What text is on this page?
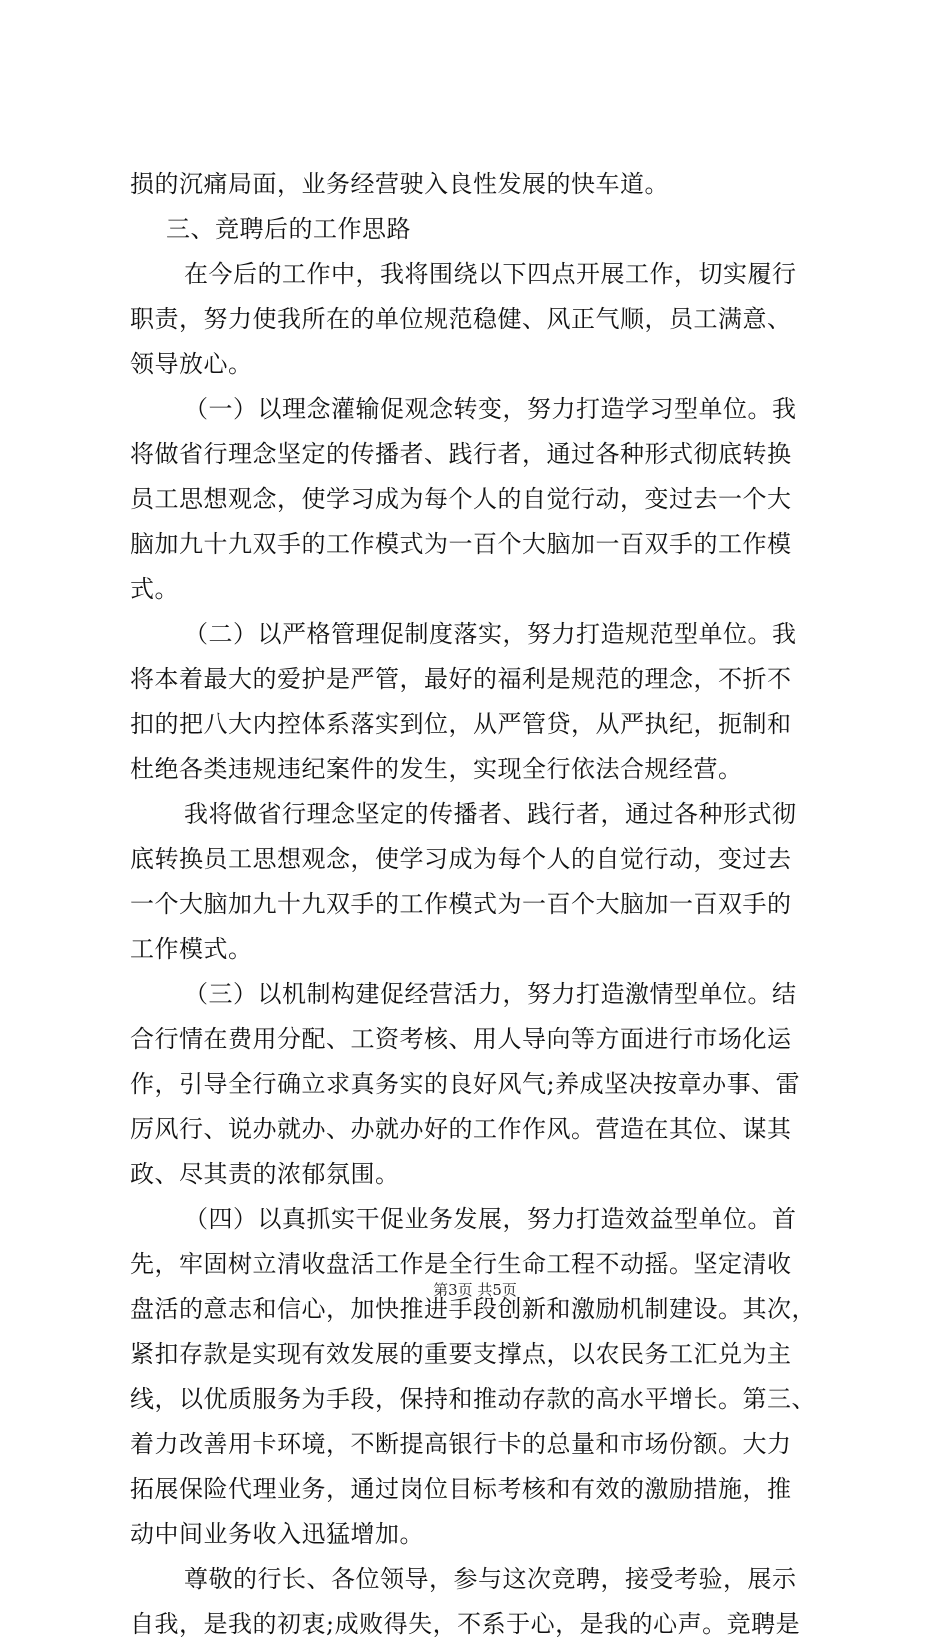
损的沉痛局面，业务经营驶入良性发展的快车道。
三、竞聘后的工作思路
在今后的工作中，我将围绕以下四点开展工作，切实履行
职责，努力使我所在的单位规范稳健、风正气顺，员工满意、
领导放心。
（一）以理念灌输促观念转变，努力打造学习型单位。我
将做省行理念坚定的传播者、践行者，通过各种形式彻底转换
员工思想观念，使学习成为每个人的自觉行动，变过去一个大
脑加九十九双手的工作模式为一百个大脑加一百双手的工作模
式。
（二）以严格管理促制度落实，努力打造规范型单位。我
将本着最大的爱护是严管，最好的福利是规范的理念，不折不
扣的把八大内控体系落实到位，从严管贷，从严执纪，扼制和
杜绝各类违规违纪案件的发生，实现全行依法合规经营。
我将做省行理念坚定的传播者、践行者，通过各种形式彻
底转换员工思想观念，使学习成为每个人的自觉行动，变过去
一个大脑加九十九双手的工作模式为一百个大脑加一百双手的
工作模式。
（三）以机制构建促经营活力，努力打造激情型单位。结
合行情在费用分配、工资考核、用人导向等方面进行市场化运
作，引导全行确立求真务实的良好风气;养成坚决按章办事、雷
厉风行、说办就办、办就办好的工作作风。营造在其位、谋其
政、尽其责的浓郁氛围。
（四）以真抓实干促业务发展，努力打造效益型单位。首
先，牢固树立清收盘活工作是全行生命工程不动摇。坚定清收
盘活的意志和信心，加快推进手段创新和激励机制建设。其次，
紧扣存款是实现有效发展的重要支撑点，以农民务工汇兑为主
线，以优质服务为手段，保持和推动存款的高水平增长。第三、
着力改善用卡环境，不断提高银行卡的总量和市场份额。大力
拓展保险代理业务，通过岗位目标考核和有效的激励措施，推
动中间业务收入迅猛增加。
尊敬的行长、各位领导，参与这次竞聘，接受考验，展示
自我，是我的初衷;成败得失，不系于心，是我的心声。竞聘是
第3页 共5页
